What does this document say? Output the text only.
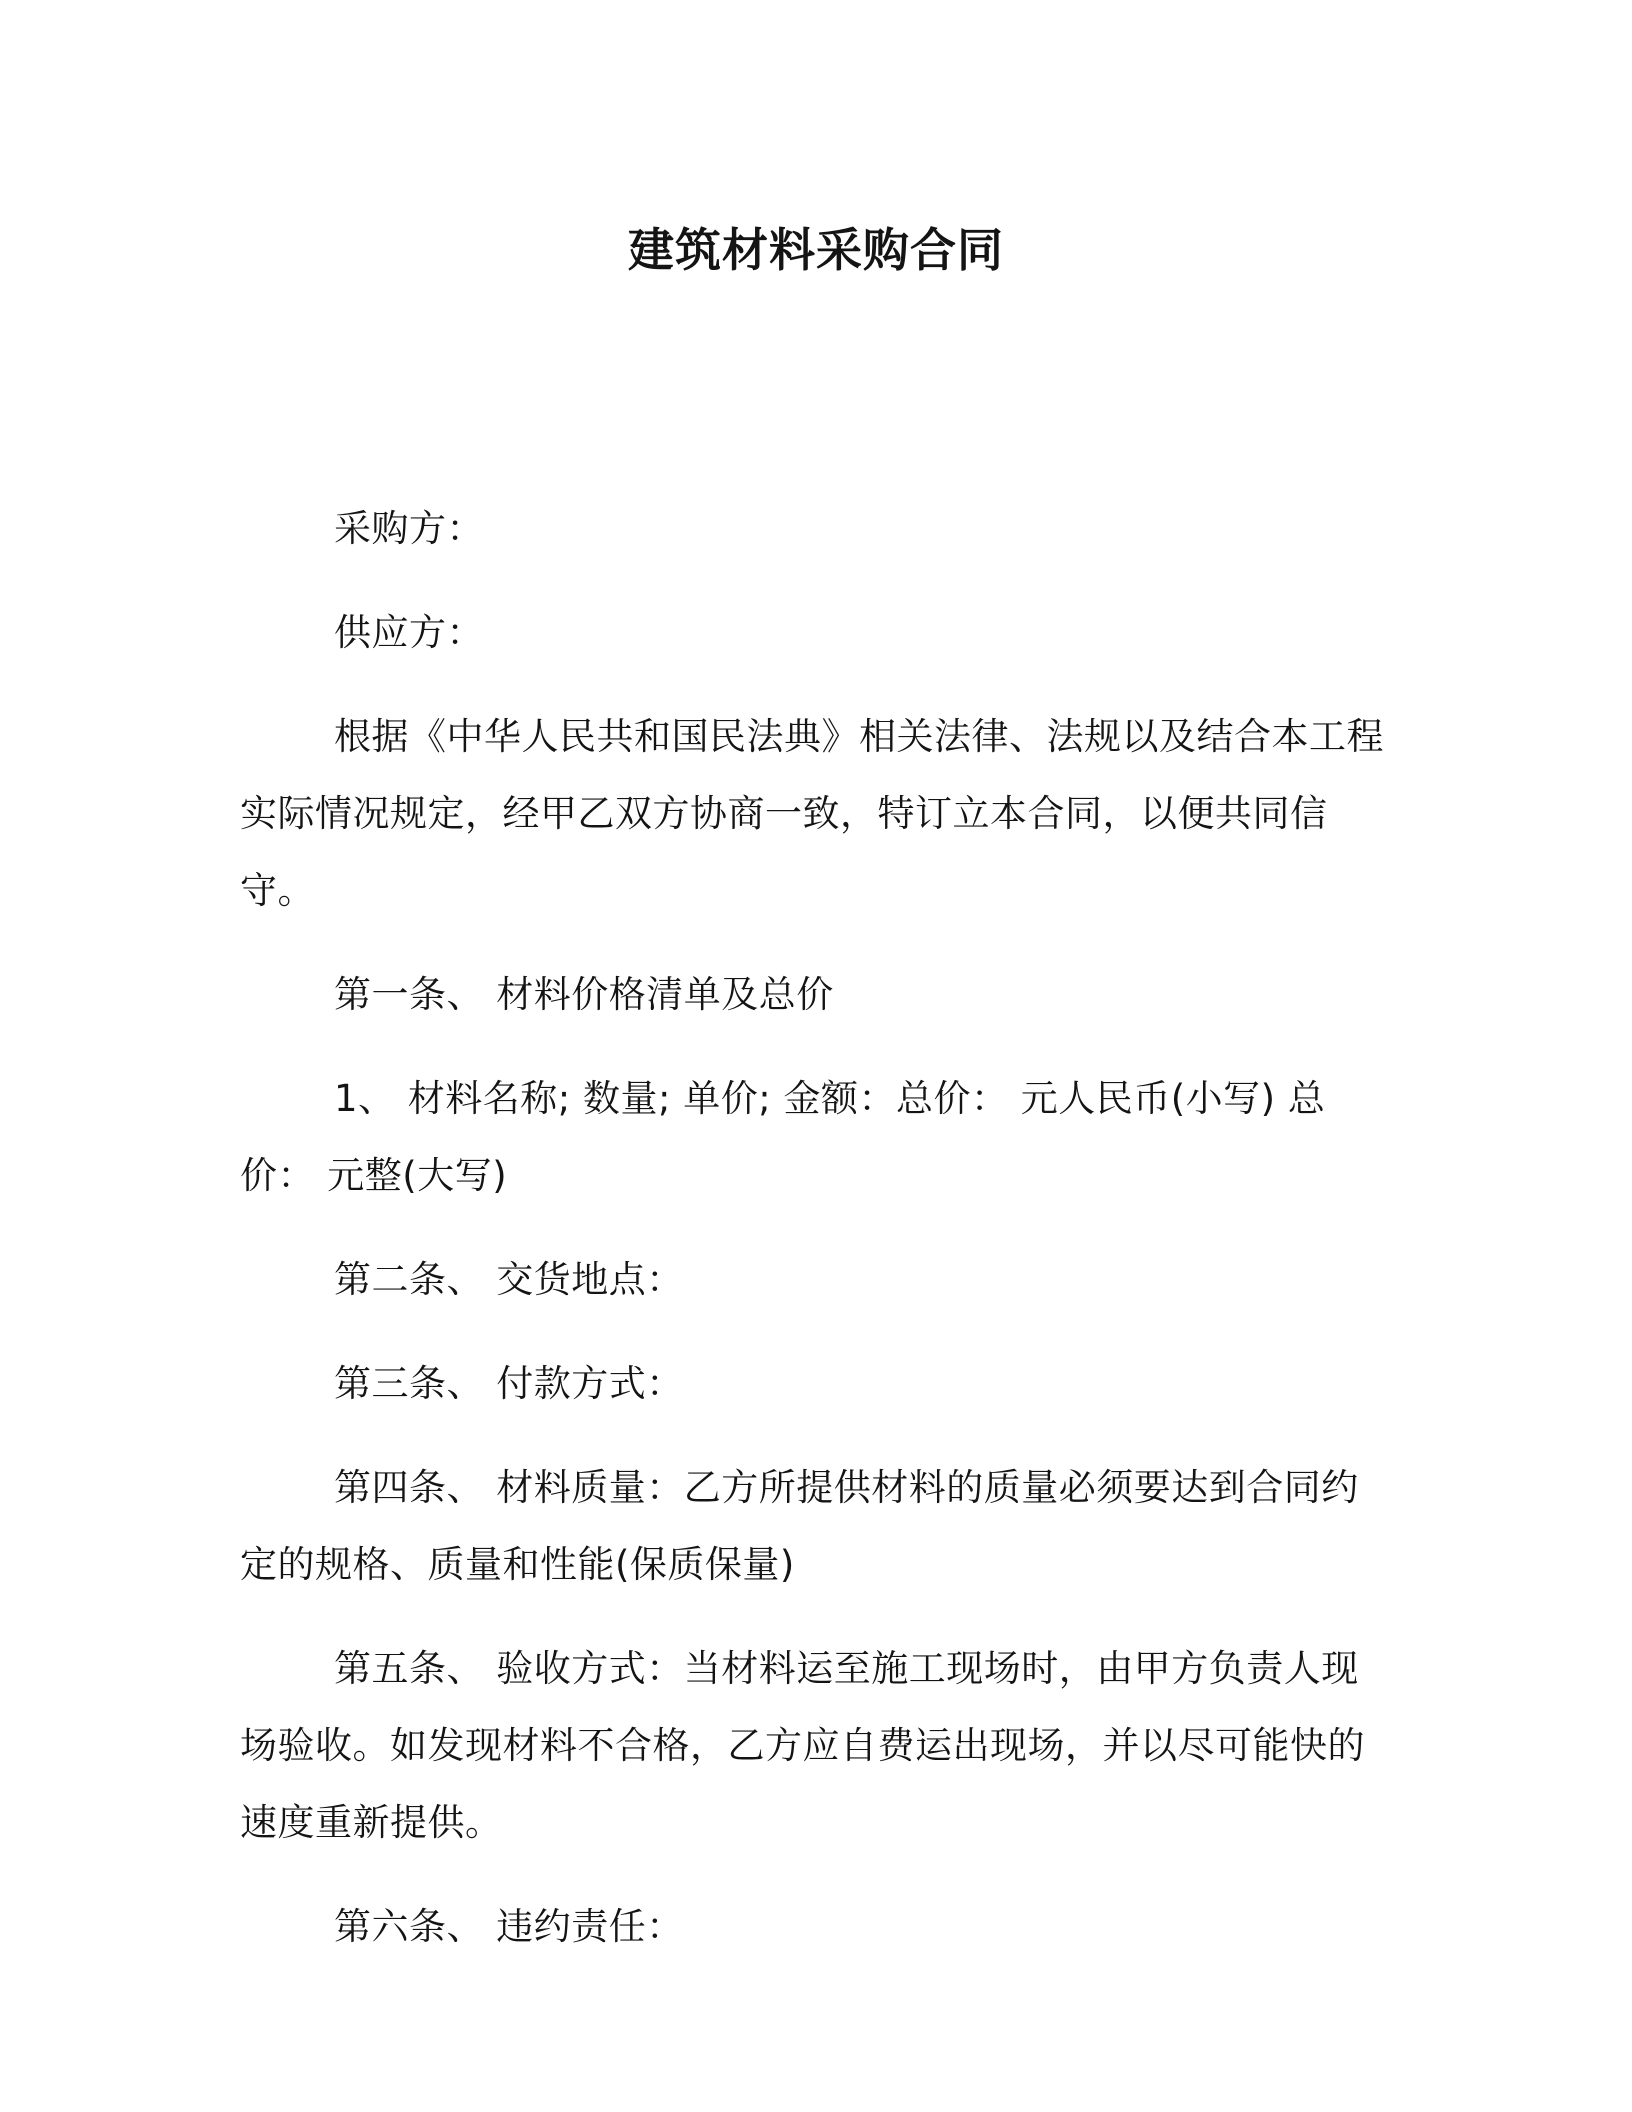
建筑材料采购合同

采购方：

供应方：

根据《中华人民共和国民法典》相关法律、法规以及结合本工程实际情况规定，经甲乙双方协商一致，特订立本合同，以便共同信守。

第一条、 材料价格清单及总价

1、 材料名称; 数量; 单价; 金额：总价： 元人民币(小写) 总价： 元整(大写)

第二条、 交货地点：

第三条、 付款方式：

第四条、 材料质量：乙方所提供材料的质量必须要达到合同约定的规格、质量和性能(保质保量)

第五条、 验收方式：当材料运至施工现场时，由甲方负责人现场验收。如发现材料不合格，乙方应自费运出现场，并以尽可能快的速度重新提供。

第六条、 违约责任：
